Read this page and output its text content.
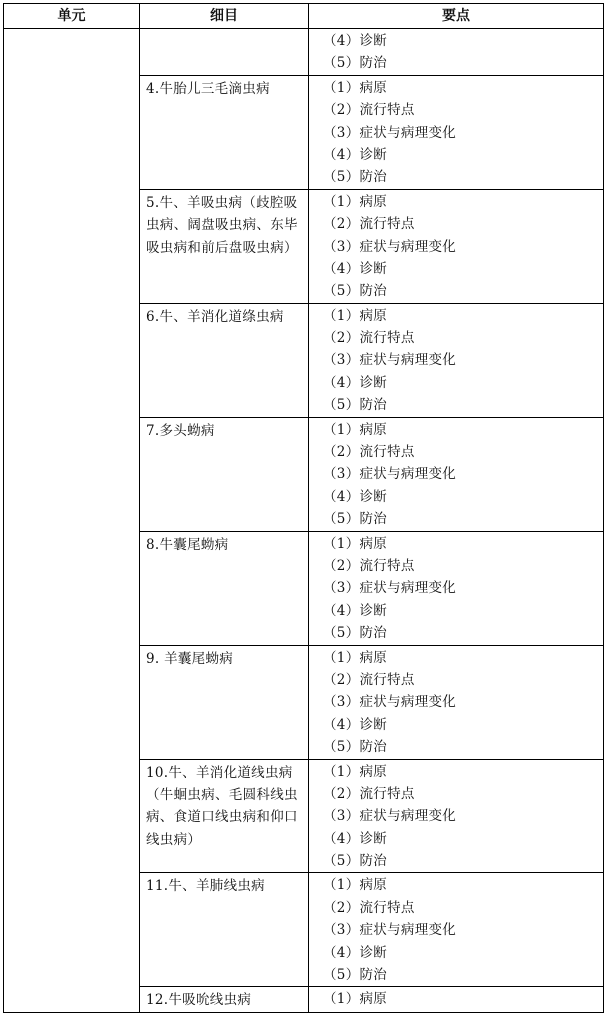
单元	细目	要点

		（4）诊断
（5）防治

	4.牛胎儿三毛滴虫病	（1）病原
（2）流行特点
（3）症状与病理变化
（4）诊断
（5）防治

	5.牛、羊吸虫病（歧腔吸虫病、阔盘吸虫病、东毕吸虫病和前后盘吸虫病）	（1）病原
（2）流行特点
（3）症状与病理变化
（4）诊断
（5）防治

	6.牛、羊消化道绦虫病	（1）病原
（2）流行特点
（3）症状与病理变化
（4）诊断
（5）防治

	7.多头蚴病	（1）病原
（2）流行特点
（3）症状与病理变化
（4）诊断
（5）防治

	8.牛囊尾蚴病	（1）病原
（2）流行特点
（3）症状与病理变化
（4）诊断
（5）防治

	9. 羊囊尾蚴病	（1）病原
（2）流行特点
（3）症状与病理变化
（4）诊断
（5）防治

	10.牛、羊消化道线虫病（牛蛔虫病、毛圆科线虫病、食道口线虫病和仰口线虫病）	（1）病原
（2）流行特点
（3）症状与病理变化
（4）诊断
（5）防治

	11.牛、羊肺线虫病	（1）病原
（2）流行特点
（3）症状与病理变化
（4）诊断
（5）防治

	12.牛吸吮线虫病	（1）病原
